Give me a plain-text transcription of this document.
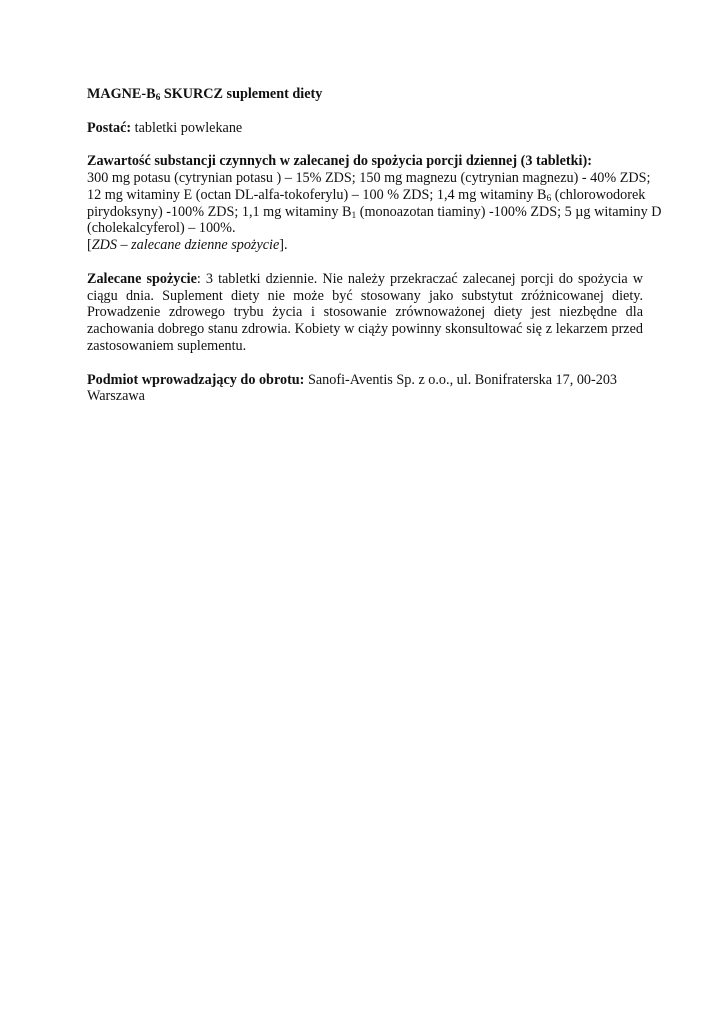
MAGNE-$B_6$ SKURCZ suplement diety

Postać: tabletki powlekane

Zawartość substancji czynnych w zalecanej do spożycia porcji dziennej (3 tabletki):
300 mg potasu (cytrynian potasu ) – 15% ZDS; 150 mg magnezu (cytrynian magnezu) - 40% ZDS;
12 mg witaminy E (octan DL-alfa-tokoferylu) – 100 % ZDS; 1,4 mg witaminy $B_6$ (chlorowodorek
pirydoksyny) -100% ZDS; 1,1 mg witaminy $B_1$ (monoazotan tiaminy) -100% ZDS; 5 µg witaminy D
(cholekalcyferol) – 100%.
[ZDS – zalecane dzienne spożycie].

Zalecane spożycie: 3 tabletki dziennie. Nie należy przekraczać zalecanej porcji do spożycia w ciągu dnia. Suplement diety nie może być stosowany jako substytut zróżnicowanej diety. Prowadzenie zdrowego trybu życia i stosowanie zrównoważonej diety jest niezbędne dla zachowania dobrego stanu zdrowia. Kobiety w ciąży powinny skonsultować się z lekarzem przed zastosowaniem suplementu.

Podmiot wprowadzający do obrotu: Sanofi-Aventis Sp. z o.o., ul. Bonifraterska 17, 00-203
Warszawa
